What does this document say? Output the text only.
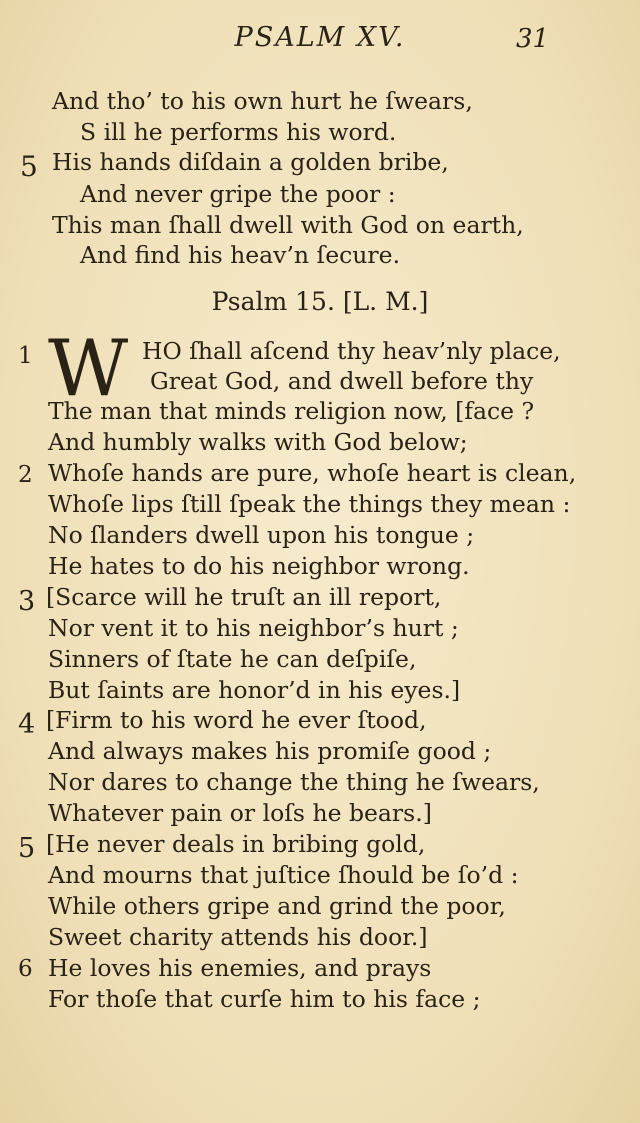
PSALM XV.	31
And tho’ to his own hurt he ſwears,
S ill he performs his word.
5 His hands diſdain a golden bribe,
And never gripe the poor :
This man ſhall dwell with God on earth,
And find his heav’n ſecure.
Psalm 15. [L. M.]
1 W HO ſhall aſcend thy heav’nly place,
Great God, and dwell before thy
The man that minds religion now, [face ?
And humbly walks with God below;
2 Whoſe hands are pure, whoſe heart is clean,
Whoſe lips ſtill ſpeak the things they mean :
No ſlanders dwell upon his tongue ;
He hates to do his neighbor wrong.
3 [Scarce will he truſt an ill report,
Nor vent it to his neighbor’s hurt ;
Sinners of ſtate he can deſpiſe,
But ſaints are honor’d in his eyes.]
4 [Firm to his word he ever ſtood,
And always makes his promiſe good ;
Nor dares to change the thing he ſwears,
Whatever pain or loſs he bears.]
5 [He never deals in bribing gold,
And mourns that juſtice ſhould be ſo’d :
While others gripe and grind the poor,
Sweet charity attends his door.]
6 He loves his enemies, and prays
For thoſe that curſe him to his face ;
